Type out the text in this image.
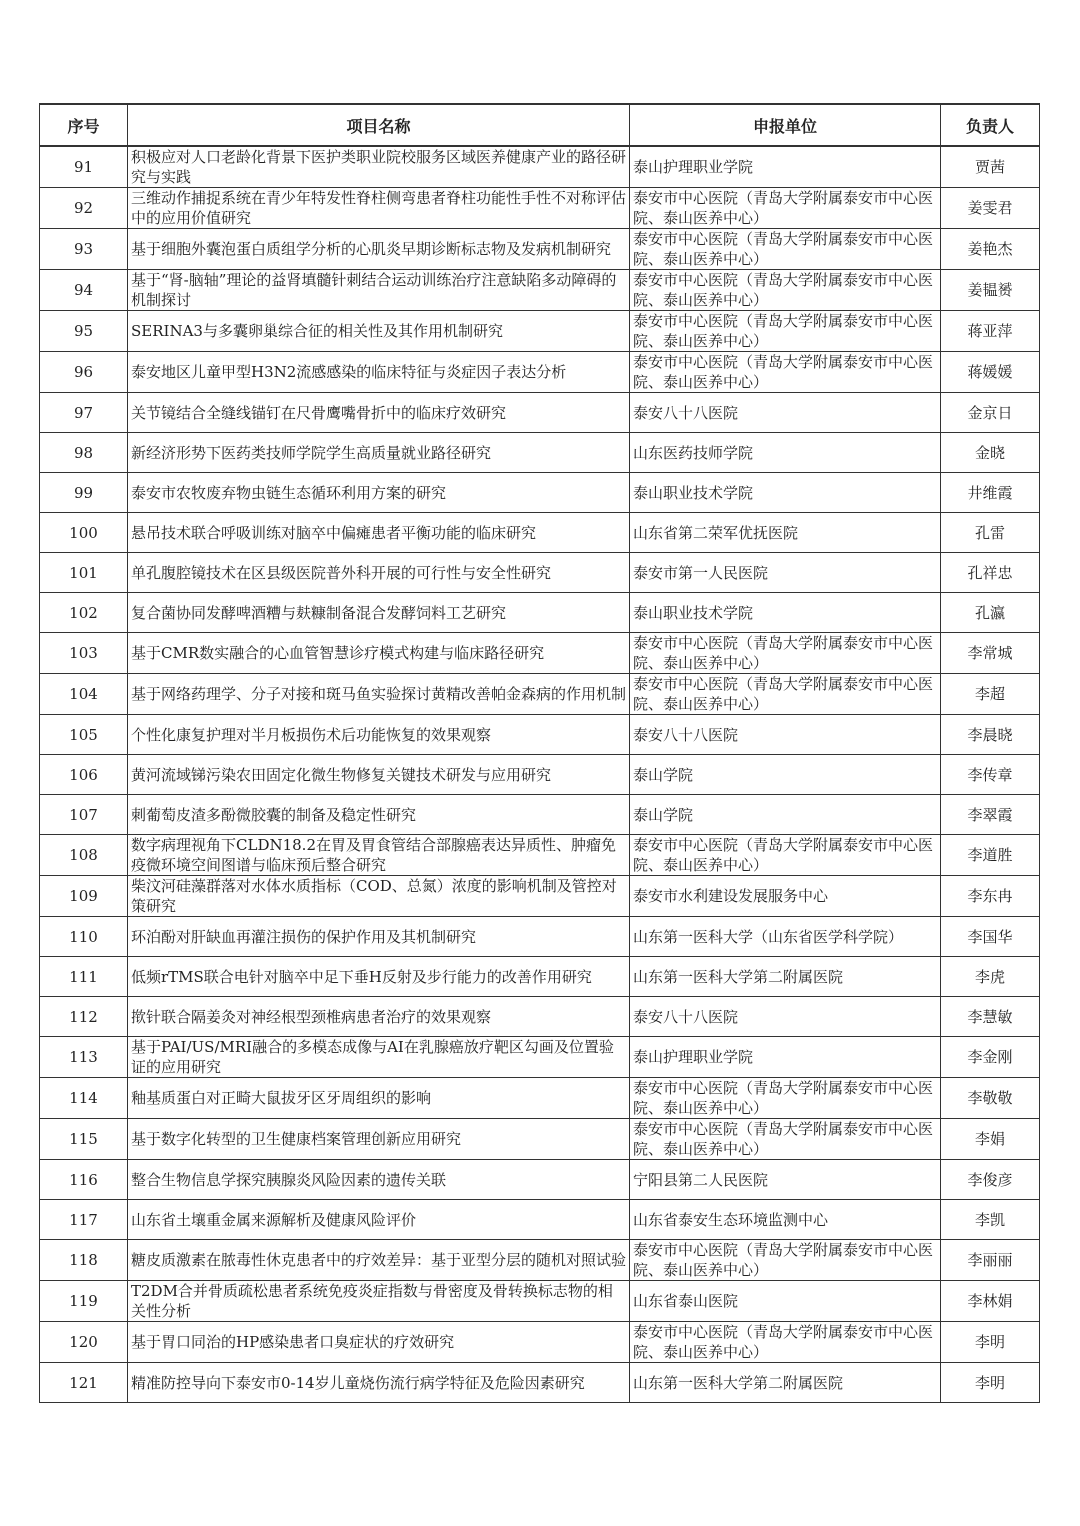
序号	项目名称	申报单位	负责人

91	积极应对人口老龄化背景下医护类职业院校服务区域医养健康产业的路径研究与实践	泰山护理职业学院	贾茜

92	三维动作捕捉系统在青少年特发性脊柱侧弯患者脊柱功能性手性不对称评估中的应用价值研究	泰安市中心医院（青岛大学附属泰安市中心医院、泰山医养中心）	姜雯君

93	基于细胞外囊泡蛋白质组学分析的心肌炎早期诊断标志物及发病机制研究	泰安市中心医院（青岛大学附属泰安市中心医院、泰山医养中心）	姜艳杰

94	基于“肾-脑轴”理论的益肾填髓针刺结合运动训练治疗注意缺陷多动障碍的机制探讨	泰安市中心医院（青岛大学附属泰安市中心医院、泰山医养中心）	姜韫赟

95	SERINA3与多囊卵巢综合征的相关性及其作用机制研究	泰安市中心医院（青岛大学附属泰安市中心医院、泰山医养中心）	蒋亚萍

96	泰安地区儿童甲型H3N2流感感染的临床特征与炎症因子表达分析	泰安市中心医院（青岛大学附属泰安市中心医院、泰山医养中心）	蒋媛媛

97	关节镜结合全缝线锚钉在尺骨鹰嘴骨折中的临床疗效研究	泰安八十八医院	金京日

98	新经济形势下医药类技师学院学生高质量就业路径研究	山东医药技师学院	金晓

99	泰安市农牧废弃物虫链生态循环利用方案的研究	泰山职业技术学院	井维霞

100	悬吊技术联合呼吸训练对脑卒中偏瘫患者平衡功能的临床研究	山东省第二荣军优抚医院	孔雷

101	单孔腹腔镜技术在区县级医院普外科开展的可行性与安全性研究	泰安市第一人民医院	孔祥忠

102	复合菌协同发酵啤酒糟与麸糠制备混合发酵饲料工艺研究	泰山职业技术学院	孔瀛

103	基于CMR数实融合的心血管智慧诊疗模式构建与临床路径研究	泰安市中心医院（青岛大学附属泰安市中心医院、泰山医养中心）	李常城

104	基于网络药理学、分子对接和斑马鱼实验探讨黄精改善帕金森病的作用机制	泰安市中心医院（青岛大学附属泰安市中心医院、泰山医养中心）	李超

105	个性化康复护理对半月板损伤术后功能恢复的效果观察	泰安八十八医院	李晨晓

106	黄河流域锑污染农田固定化微生物修复关键技术研发与应用研究	泰山学院	李传章

107	刺葡萄皮渣多酚微胶囊的制备及稳定性研究	泰山学院	李翠霞

108	数字病理视角下CLDN18.2在胃及胃食管结合部腺癌表达异质性、肿瘤免疫微环境空间图谱与临床预后整合研究	泰安市中心医院（青岛大学附属泰安市中心医院、泰山医养中心）	李道胜

109	柴汶河硅藻群落对水体水质指标（COD、总氮）浓度的影响机制及管控对策研究	泰安市水利建设发展服务中心	李东冉

110	环泊酚对肝缺血再灌注损伤的保护作用及其机制研究	山东第一医科大学（山东省医学科学院）	李国华

111	低频rTMS联合电针对脑卒中足下垂H反射及步行能力的改善作用研究	山东第一医科大学第二附属医院	李虎

112	揿针联合隔姜灸对神经根型颈椎病患者治疗的效果观察	泰安八十八医院	李慧敏

113	基于PAI/US/MRI融合的多模态成像与AI在乳腺癌放疗靶区勾画及位置验证的应用研究	泰山护理职业学院	李金刚

114	釉基质蛋白对正畸大鼠拔牙区牙周组织的影响	泰安市中心医院（青岛大学附属泰安市中心医院、泰山医养中心）	李敬敬

115	基于数字化转型的卫生健康档案管理创新应用研究	泰安市中心医院（青岛大学附属泰安市中心医院、泰山医养中心）	李娟

116	整合生物信息学探究胰腺炎风险因素的遗传关联	宁阳县第二人民医院	李俊彦

117	山东省土壤重金属来源解析及健康风险评价	山东省泰安生态环境监测中心	李凯

118	糖皮质激素在脓毒性休克患者中的疗效差异：基于亚型分层的随机对照试验	泰安市中心医院（青岛大学附属泰安市中心医院、泰山医养中心）	李丽丽

119	T2DM合并骨质疏松患者系统免疫炎症指数与骨密度及骨转换标志物的相关性分析	山东省泰山医院	李林娟

120	基于胃口同治的HP感染患者口臭症状的疗效研究	泰安市中心医院（青岛大学附属泰安市中心医院、泰山医养中心）	李明

121	精准防控导向下泰安市0-14岁儿童烧伤流行病学特征及危险因素研究	山东第一医科大学第二附属医院	李明
